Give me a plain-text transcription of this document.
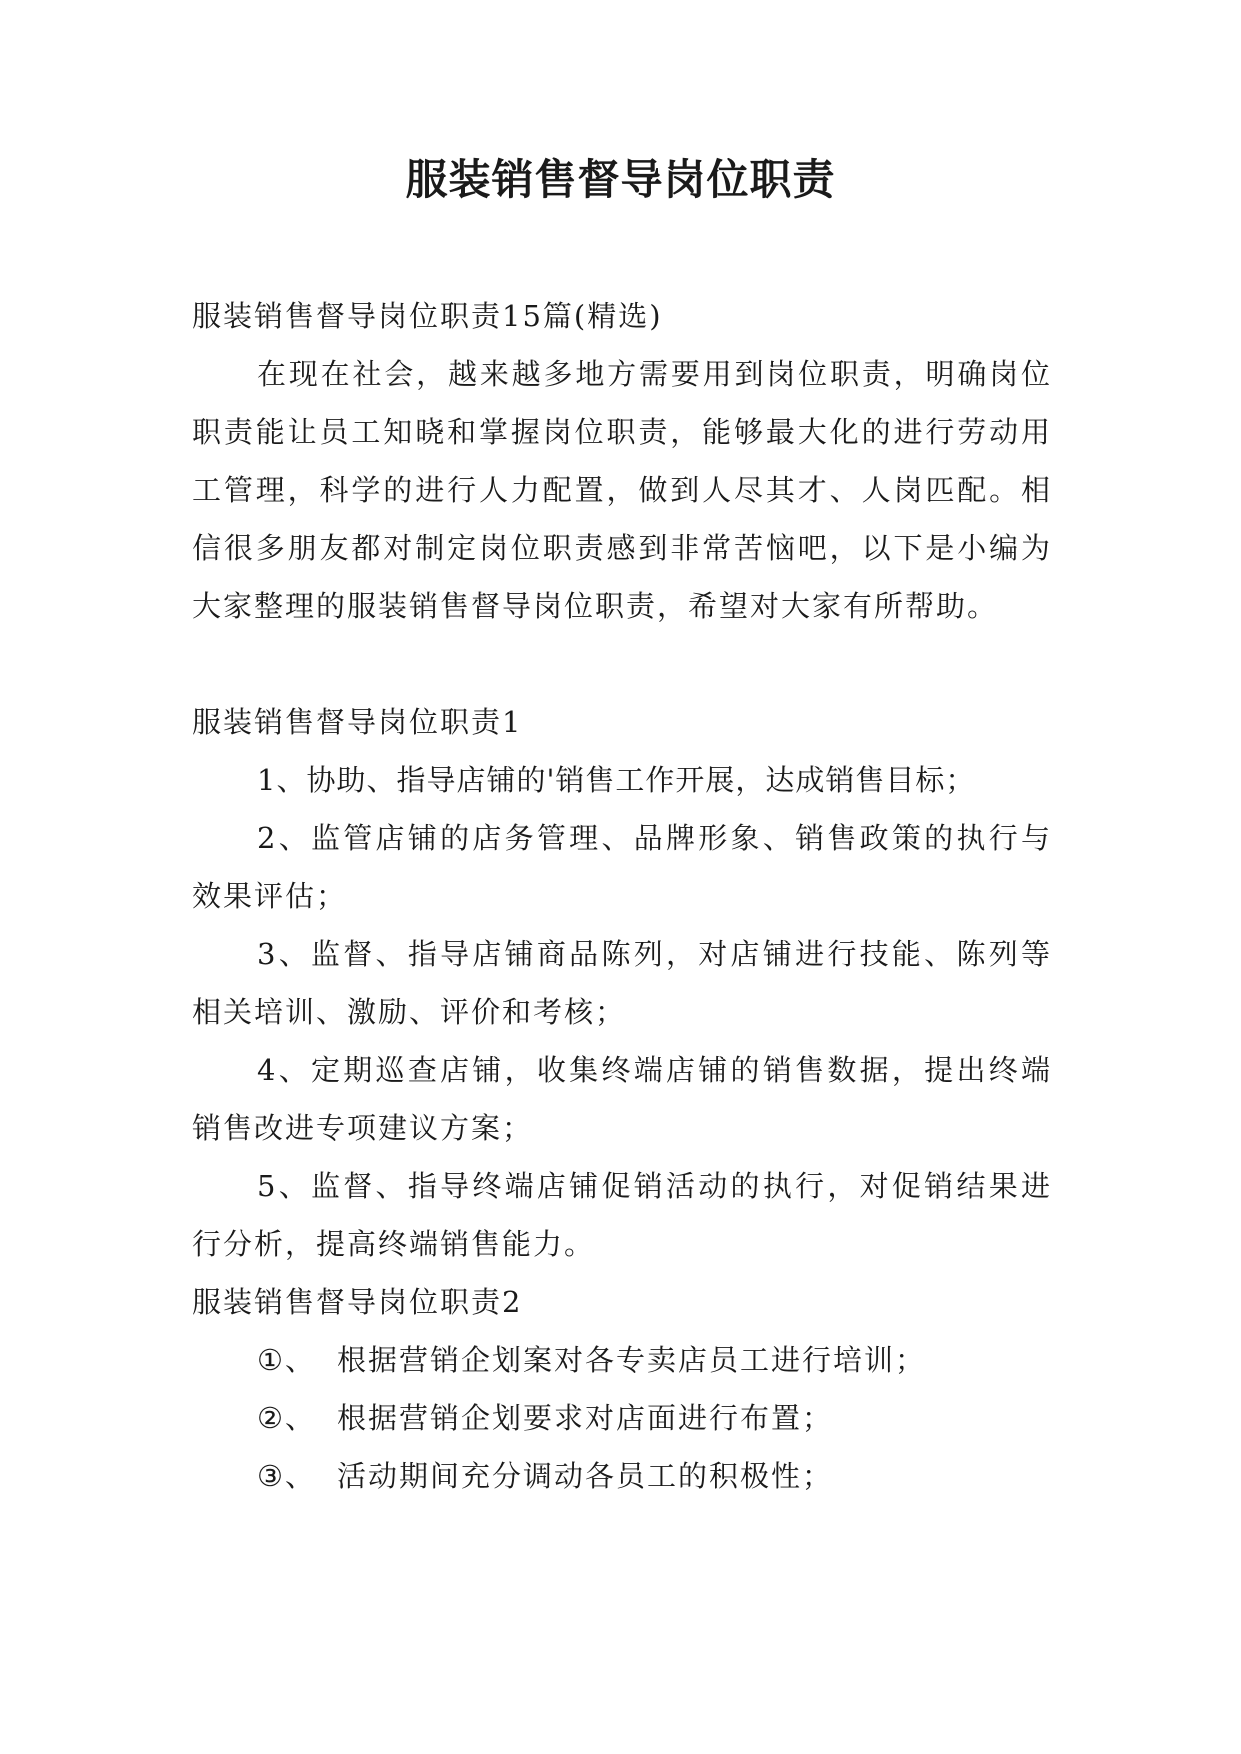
服装销售督导岗位职责

服装销售督导岗位职责15篇(精选)

在现在社会，越来越多地方需要用到岗位职责，明确岗位职责能让员工知晓和掌握岗位职责，能够最大化的进行劳动用工管理，科学的进行人力配置，做到人尽其才、人岗匹配。相信很多朋友都对制定岗位职责感到非常苦恼吧，以下是小编为大家整理的服装销售督导岗位职责，希望对大家有所帮助。

服装销售督导岗位职责1

1、协助、指导店铺的'销售工作开展，达成销售目标；

2、监管店铺的店务管理、品牌形象、销售政策的执行与效果评估；

3、监督、指导店铺商品陈列，对店铺进行技能、陈列等相关培训、激励、评价和考核；

4、定期巡查店铺，收集终端店铺的销售数据，提出终端销售改进专项建议方案；

5、监督、指导终端店铺促销活动的执行，对促销结果进行分析，提高终端销售能力。

服装销售督导岗位职责2

①、 根据营销企划案对各专卖店员工进行培训；

②、 根据营销企划要求对店面进行布置；

③、 活动期间充分调动各员工的积极性；
